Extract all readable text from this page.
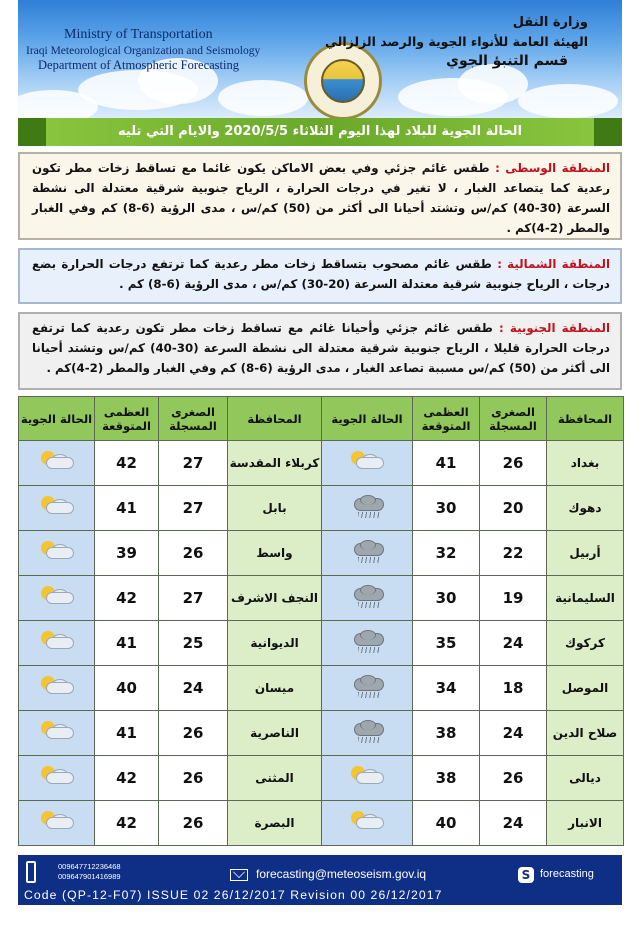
Ministry of Transportation
Iraqi Meteorological Organization and Seismology
Department of Atmospheric Forecasting
وزارة النقل
الهيئة العامة للأنواء الجوية والرصد الزلزالي
قسم التنبؤ الجوي
الحالة الجوية للبلاد لهذا اليوم الثلاثاء 2020/5/5 والايام التي تليه
المنطقة الوسطى : طقس غائم جزئي وفي بعض الاماكن يكون غائما مع تساقط زخات مطر تكون رعدية كما يتصاعد الغبار ، لا تغير في درجات الحرارة ، الرياح جنوبية شرقية معتدلة الى نشطة السرعة (30-40) كم/س وتشتد أحيانا الى أكثر من (50) كم/س ، مدى الرؤية (6-8) كم وفي الغبار والمطر (2-4)كم .
المنطقة الشمالية : طقس غائم مصحوب بتساقط زخات مطر رعدية كما ترتفع درجات الحرارة بضع درجات ، الرياح جنوبية شرقية معتدلة السرعة (20-30) كم/س ، مدى الرؤية (6-8) كم .
المنطقة الجنوبية : طقس غائم جزئي وأحيانا غائم مع تساقط زخات مطر تكون رعدية كما ترتفع درجات الحرارة قليلا ، الرياح جنوبية شرقية معتدلة الى نشطة السرعة (30-40) كم/س وتشتد أحيانا الى أكثر من (50) كم/س مسببة تصاعد الغبار ، مدى الرؤية (6-8) كم وفي الغبار والمطر (2-4)كم .
المحافظة	الصغرى المسجلة	العظمى المتوقعة	الحالة الجوية	المحافظة	الصغرى المسجلة	العظمى المتوقعة	الحالة الجوية
بغداد	26	41		كربلاء المقدسة	27	42	

دهوك	20	30		بابل	27	41	

أربيل	22	32		واسط	26	39	

السليمانية	19	30		النجف الاشرف	27	42	

كركوك	24	35		الديوانية	25	41	

الموصل	18	34		ميسان	24	40	

صلاح الدين	24	38		الناصرية	26	41	

ديالى	26	38		المثنى	26	42	

الانبار	24	40		البصرة	26	42	
009647712236468
009647901416989	forecasting@meteoseism.gov.iq	S forecasting
Code (QP-12-F07) ISSUE 02 26/12/2017 Revision 00 26/12/2017
